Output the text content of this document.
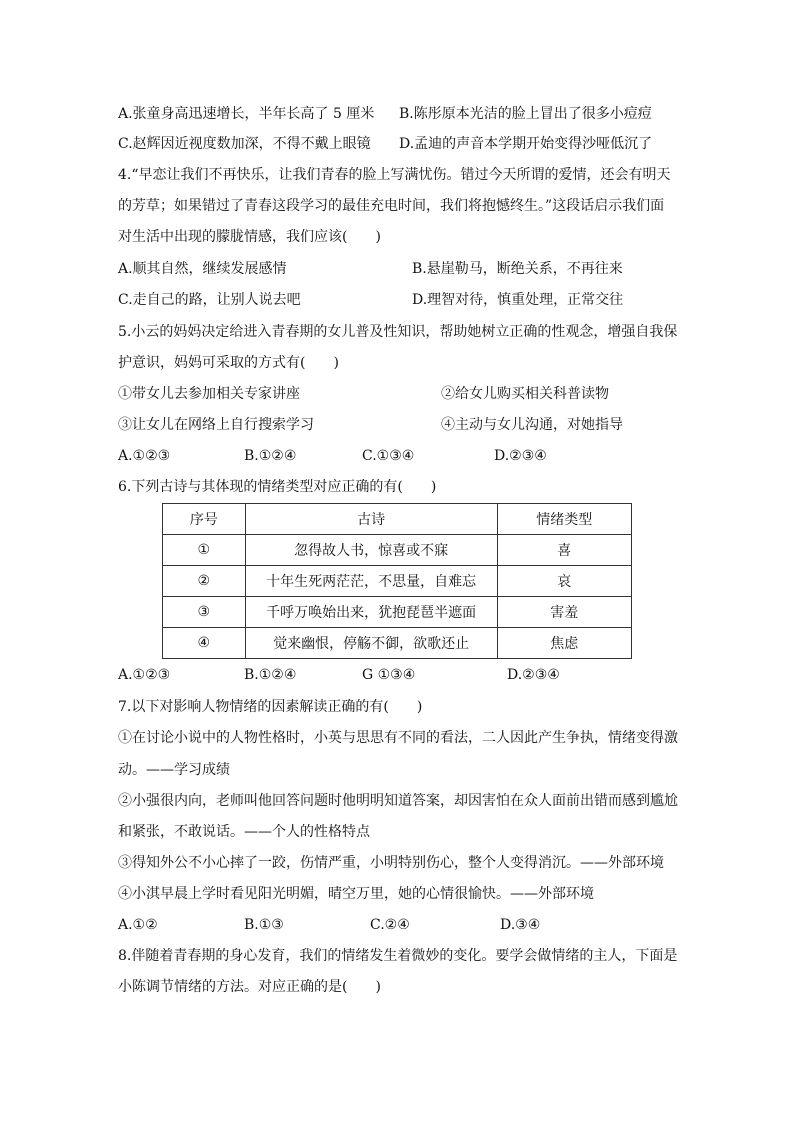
A.张童身高迅速增长，半年长高了 5 厘米 B.陈彤原本光洁的脸上冒出了很多小痘痘
C.赵辉因近视度数加深，不得不戴上眼镜 D.孟迪的声音本学期开始变得沙哑低沉了
4.“早恋让我们不再快乐，让我们青春的脸上写满忧伤。错过今天所谓的爱情，还会有明天
的芳草；如果错过了青春这段学习的最佳充电时间，我们将抱憾终生。”这段话启示我们面
对生活中出现的朦胧情感，我们应该(　　)
A.顺其自然，继续发展感情	B.悬崖勒马，断绝关系，不再往来
C.走自己的路，让别人说去吧	D.理智对待，慎重处理，正常交往
5.小云的妈妈决定给进入青春期的女儿普及性知识，帮助她树立正确的性观念，增强自我保
护意识，妈妈可采取的方式有(　　)
①带女儿去参加相关专家讲座	②给女儿购买相关科普读物
③让女儿在网络上自行搜索学习	④主动与女儿沟通，对她指导
A.①②③	B.①②④	C.①③④	D.②③④
6.下列古诗与其体现的情绪类型对应正确的有(　　)
序号	古诗	情绪类型
①	忽得故人书，惊喜或不寐	喜
②	十年生死两茫茫，不思量，自难忘	哀
③	千呼万唤始出来，犹抱琵琶半遮面	害羞
④	觉来幽恨，停觞不御，欲歌还止	焦虑
A.①②③	B.①②④	G ①③④	D.②③④
7.以下对影响人物情绪的因素解读正确的有(　　)
①在讨论小说中的人物性格时，小英与思思有不同的看法，二人因此产生争执，情绪变得激
动。——学习成绩
②小强很内向，老师叫他回答问题时他明明知道答案，却因害怕在众人面前出错而感到尴尬
和紧张，不敢说话。——个人的性格特点
③得知外公不小心摔了一跤，伤情严重，小明特别伤心，整个人变得消沉。——外部环境
④小淇早晨上学时看见阳光明媚，晴空万里，她的心情很愉快。——外部环境
A.①②	B.①③	C.②④	D.③④
8.伴随着青春期的身心发育，我们的情绪发生着微妙的变化。要学会做情绪的主人，下面是
小陈调节情绪的方法。对应正确的是(　　)
